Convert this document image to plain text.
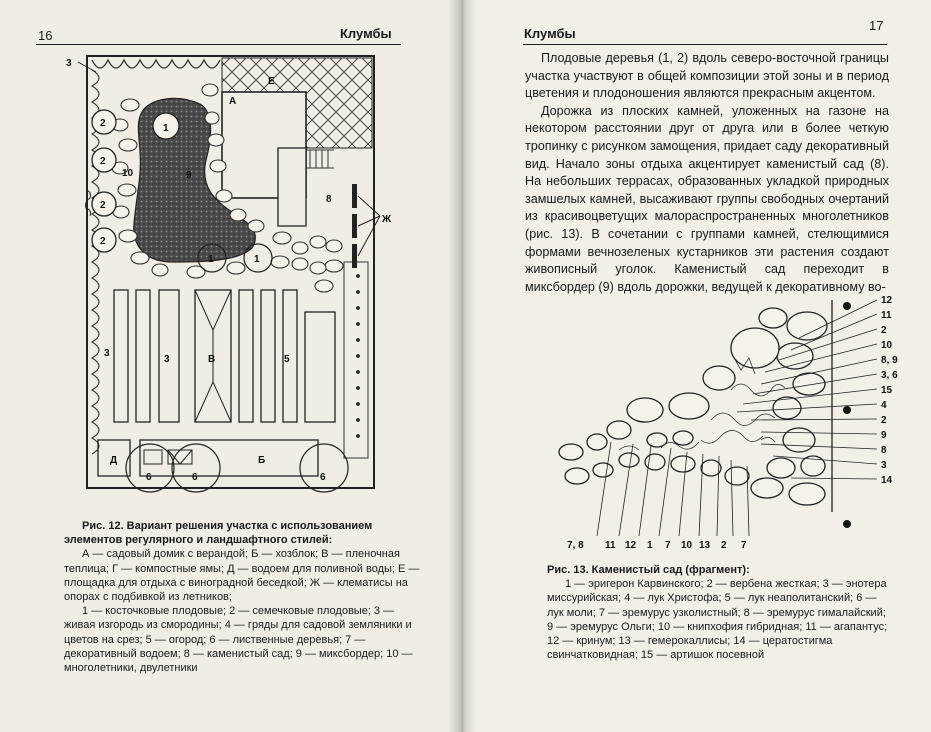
16	Клумбы
3
А
Е
1
2
2
2
2
10	9
8
Ж
1	1
3
3	В	5
Д	Б
6	6	6

Рис. 12. Вариант решения участка с использованием элементов регулярного и ландшафтного стилей:

А — садовый домик с верандой; Б — хозблок; В — пленочная теплица; Г — компостные ямы; Д — водоем для поливной воды; Е — площадка для отдыха с виноградной беседкой; Ж — клематисы на опорах с подбивкой из летников;

1 — косточковые плодовые; 2 — семечковые плодовые; 3 — живая изгородь из смородины; 4 — гряды для садовой земляники и цветов на срез; 5 — огород; 6 — лиственные деревья; 7 — декоративный водоем; 8 — каменистый сад; 9 — миксбордер; 10 — многолетники, двулетники

Клумбы
17

Плодовые деревья (1, 2) вдоль северо-восточной границы участка участвуют в общей композиции этой зоны и в период цветения и плодоношения являются прекрасным акцентом.

Дорожка из плоских камней, уложенных на газоне на некотором расстоянии друг от друга или в более четкую тропинку с рисунком замощения, придает саду декоративный вид. Начало зоны отдыха акцентирует каменистый сад (8). На небольших террасах, образованных укладкой природных замшелых камней, высаживают группы свободных очертаний из красивоцветущих малораспространенных многолетников (рис. 13). В сочетании с группами камней, стелющимися формами вечнозеленых кустарников эти растения создают живописный уголок. Каменистый сад переходит в миксбордер (9) вдоль дорожки, ведущей к декоративному во-

12
11
2
10
8, 9
3, 6
15
4
2
9
8
3
14
7, 8 11 12 1 7 10 13 2 7

Рис. 13. Каменистый сад (фрагмент):

1 — эригерон Карвинского; 2 — вербена жесткая; 3 — энотера миссурийская; 4 — лук Христофа; 5 — лук неаполитанский; 6 — лук моли; 7 — эремурус узколистный; 8 — эремурус гималайский; 9 — эремурус Ольги; 10 — книпхофия гибридная; 11 — агапантус; 12 — кринум; 13 — гемерокаллисы; 14 — цератостигма свинчатковидная; 15 — артишок посевной
